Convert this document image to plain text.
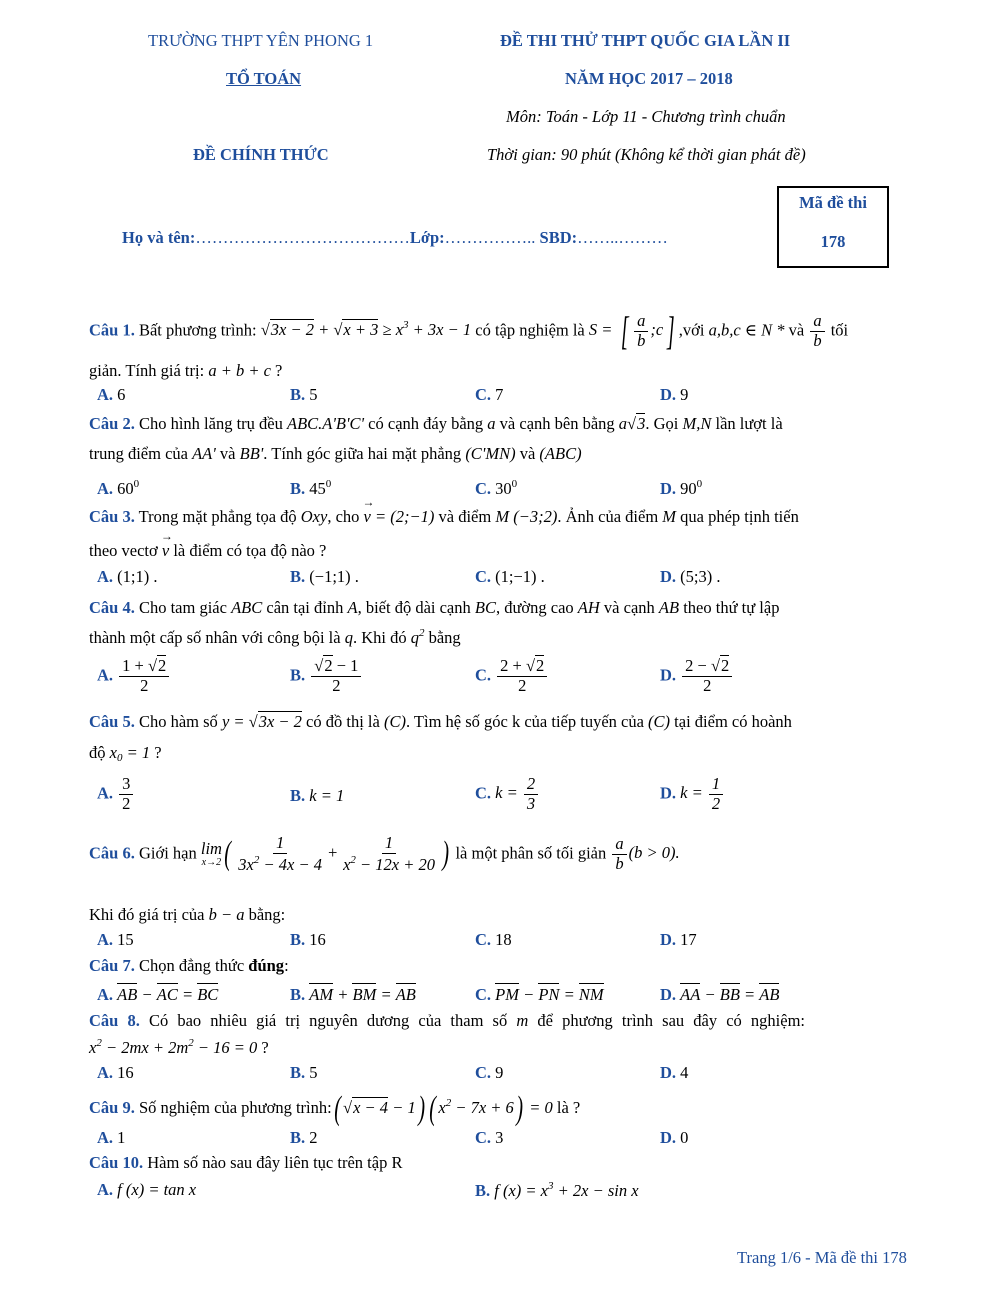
TRƯỜNG THPT YÊN PHONG 1
TỔ TOÁN
ĐỀ CHÍNH THỨC
ĐỀ THI THỬ THPT QUỐC GIA LẦN II
NĂM HỌC 2017 – 2018
Môn: Toán - Lớp 11 - Chương trình chuẩn
Thời gian: 90 phút (Không kể thời gian phát đề)
Mã đề thi
178
Họ và tên:…………………………………Lớp:…………….. SBD:……..………
Câu 1. Bất phương trình: $√3x - 2 + √x + 3 \ge x^3 + 3x - 1$ có tập nghiệm là S = [ $\frac{a}{b}$ ;c] ,với a,b,c ∈ N * và $\frac{a}{b}$ tối
giản. Tính giá trị: a + b + c ?
A. 6	B. 5	C. 7	D. 9
Câu 2. Cho hình lăng trụ đều ABC.A'B'C' có cạnh đáy bằng a và cạnh bên bằng a√3. Gọi M,N lần lượt là
trung điểm của AA' và BB'. Tính góc giữa hai mặt phẳng (C'MN) và (ABC)
A. $60^0$	B. $45^0$	C. $30^0$	D. $90^0$
Câu 3. Trong mặt phẳng tọa độ Oxy, cho → v = (2;−1) và điểm M (−3;2). Ảnh của điểm M qua phép tịnh tiến
theo vectơ → v là điểm có tọa độ nào ?
A. (1;1) .	B. (−1;1) .	C. (1;−1) .	D. (5;3) .
Câu 4. Cho tam giác ABC cân tại đỉnh A, biết độ dài cạnh BC, đường cao AH và cạnh AB theo thứ tự lập
thành một cấp số nhân với công bội là q. Khi đó $q^2$ bằng
A. $\frac{1 + √2}{2}$	B. $\frac{√2 - 1}{2}$	C. $\frac{2 + √2}{2}$	D. $\frac{2 - √2}{2}$
Câu 5. Cho hàm số y = √3x − 2 có đồ thị là (C). Tìm hệ số góc k của tiếp tuyến của (C) tại điểm có hoành
độ $x_0 = 1$ ?
A. $\frac{3}{2}$	B. k = 1	C. $k = \frac{2}{3}$	D. $k = \frac{1}{2}$
Câu 6. Giới hạn lim
x→2 ( $\frac{1}{3x^2 - 4x - 4} + \frac{1}{x^2 - 12x + 20}$ ) là một phân số tối giản $\frac{a}{b} (b > 0)$.
Khi đó giá trị của b − a bằng:
A. 15	B. 16	C. 18	D. 17
Câu 7. Chọn đẳng thức đúng:
A. AB − AC = BC	B. AM + BM = AB	C. PM − PN = NM	D. AA − BB = AB
Câu 8. Có bao nhiêu giá trị nguyên dương của tham số m để phương trình sau đây có nghiệm:
$x^2 - 2mx + 2m^2 - 16 = 0$ ?
A. 16	B. 5	C. 9	D. 4
Câu 9. Số nghiệm của phương trình:( √x − 4 − 1) ( $x^2 - 7x + 6) = 0$ là ?
A. 1	B. 2	C. 3	D. 0
Câu 10. Hàm số nào sau đây liên tục trên tập R
A. f (x) = tan x	B. f $(x) = x^3 + 2x - \sin x$
Trang 1/6 - Mã đề thi 178
